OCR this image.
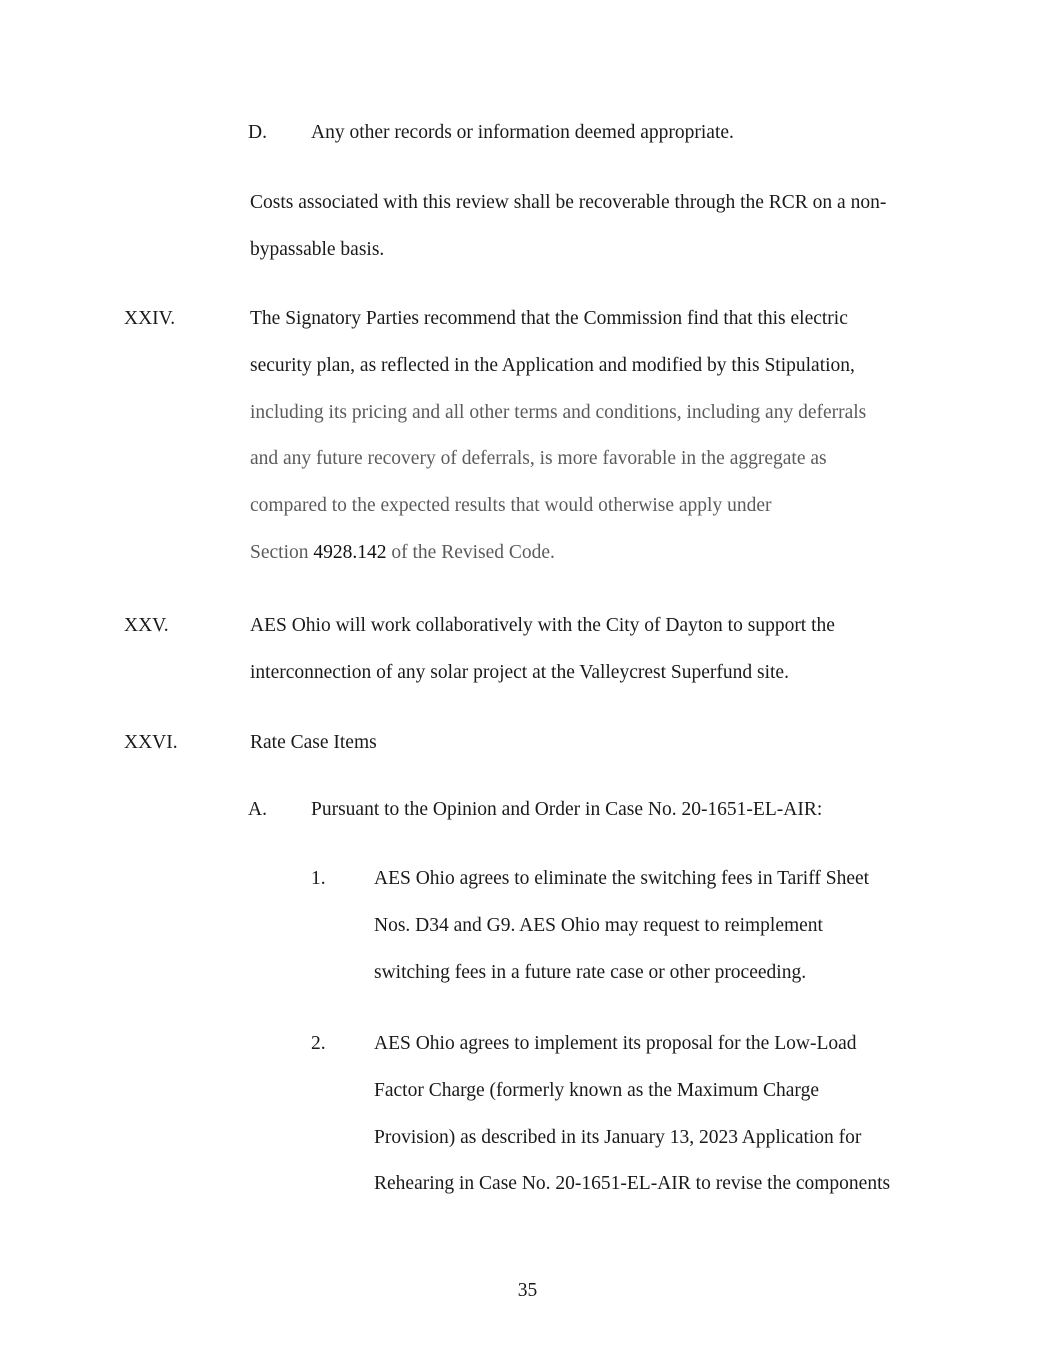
D. Any other records or information deemed appropriate.
Costs associated with this review shall be recoverable through the RCR on a non-
bypassable basis.
XXIV.	The Signatory Parties recommend that the Commission find that this electric
security plan, as reflected in the Application and modified by this Stipulation,
including its pricing and all other terms and conditions, including any deferrals
and any future recovery of deferrals, is more favorable in the aggregate as
compared to the expected results that would otherwise apply under
Section 4928.142 of the Revised Code.
XXV.	AES Ohio will work collaboratively with the City of Dayton to support the
interconnection of any solar project at the Valleycrest Superfund site.
XXVI.	Rate Case Items
A. Pursuant to the Opinion and Order in Case No. 20-1651-EL-AIR:
1. AES Ohio agrees to eliminate the switching fees in Tariff Sheet
Nos. D34 and G9. AES Ohio may request to reimplement
switching fees in a future rate case or other proceeding.
2. AES Ohio agrees to implement its proposal for the Low-Load
Factor Charge (formerly known as the Maximum Charge
Provision) as described in its January 13, 2023 Application for
Rehearing in Case No. 20-1651-EL-AIR to revise the components
35
